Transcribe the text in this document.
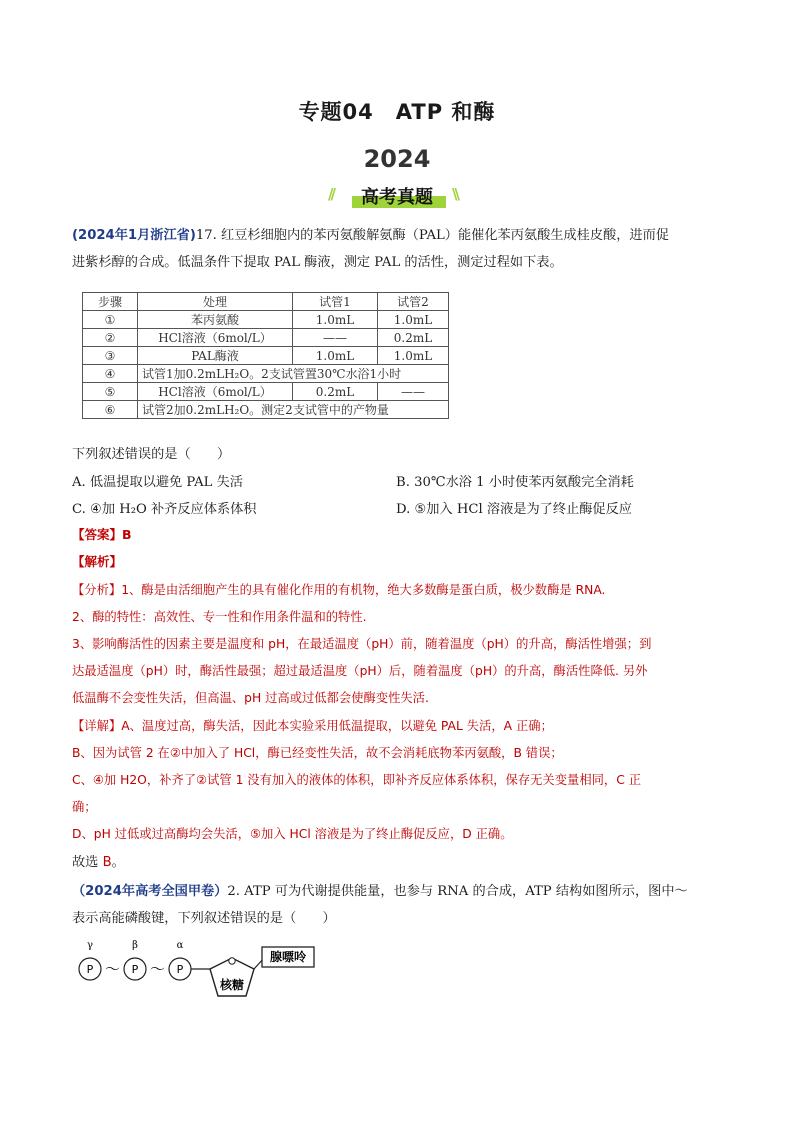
专题04　ATP 和酶
2024
//	高考真题	\\

(2024年1月浙江省)17. 红豆杉细胞内的苯丙氨酸解氨酶（PAL）能催化苯丙氨酸生成桂皮酸，进而促
进紫杉醇的合成。低温条件下提取 PAL 酶液，测定 PAL 的活性，测定过程如下表。

步骤	处理	试管1	试管2
①	苯丙氨酸	1.0mL	1.0mL
②	HCl溶液（6mol/L）	——	0.2mL
③	PAL酶液	1.0mL	1.0mL
④	试管1加0.2mLH₂O。2支试管置30℃水浴1小时		
⑤	HCl溶液（6mol/L）	0.2mL	——
⑥	试管2加0.2mLH₂O。测定2支试管中的产物量		
下列叙述错误的是（　　）
A. 低温提取以避免 PAL 失活	B. 30℃水浴 1 小时使苯丙氨酸完全消耗
C. ④加 H₂O 补齐反应体系体积	D. ⑤加入 HCl 溶液是为了终止酶促反应
【答案】B
【解析】
【分析】1、酶是由活细胞产生的具有催化作用的有机物，绝大多数酶是蛋白质，极少数酶是 RNA.
2、酶的特性：高效性、专一性和作用条件温和的特性.
3、影响酶活性的因素主要是温度和 pH，在最适温度（pH）前，随着温度（pH）的升高，酶活性增强；到
达最适温度（pH）时，酶活性最强；超过最适温度（pH）后，随着温度（pH）的升高，酶活性降低. 另外
低温酶不会变性失活，但高温、pH 过高或过低都会使酶变性失活.
【详解】A、温度过高，酶失活，因此本实验采用低温提取，以避免 PAL 失活，A 正确；
B、因为试管 2 在②中加入了 HCl，酶已经变性失活，故不会消耗底物苯丙氨酸，B 错误；
C、④加 H2O，补齐了②试管 1 没有加入的液体的体积，即补齐反应体系体积，保存无关变量相同，C 正
确；
D、pH 过低或过高酶均会失活，⑤加入 HCl 溶液是为了终止酶促反应，D 正确。
故选 B。

（2024年高考全国甲卷）2. ATP 可为代谢提供能量，也参与 RNA 的合成，ATP 结构如图所示，图中～
表示高能磷酸键，下列叙述错误的是（　　）

γ	β	α
P ～ P ～ P
核糖
腺嘌呤
